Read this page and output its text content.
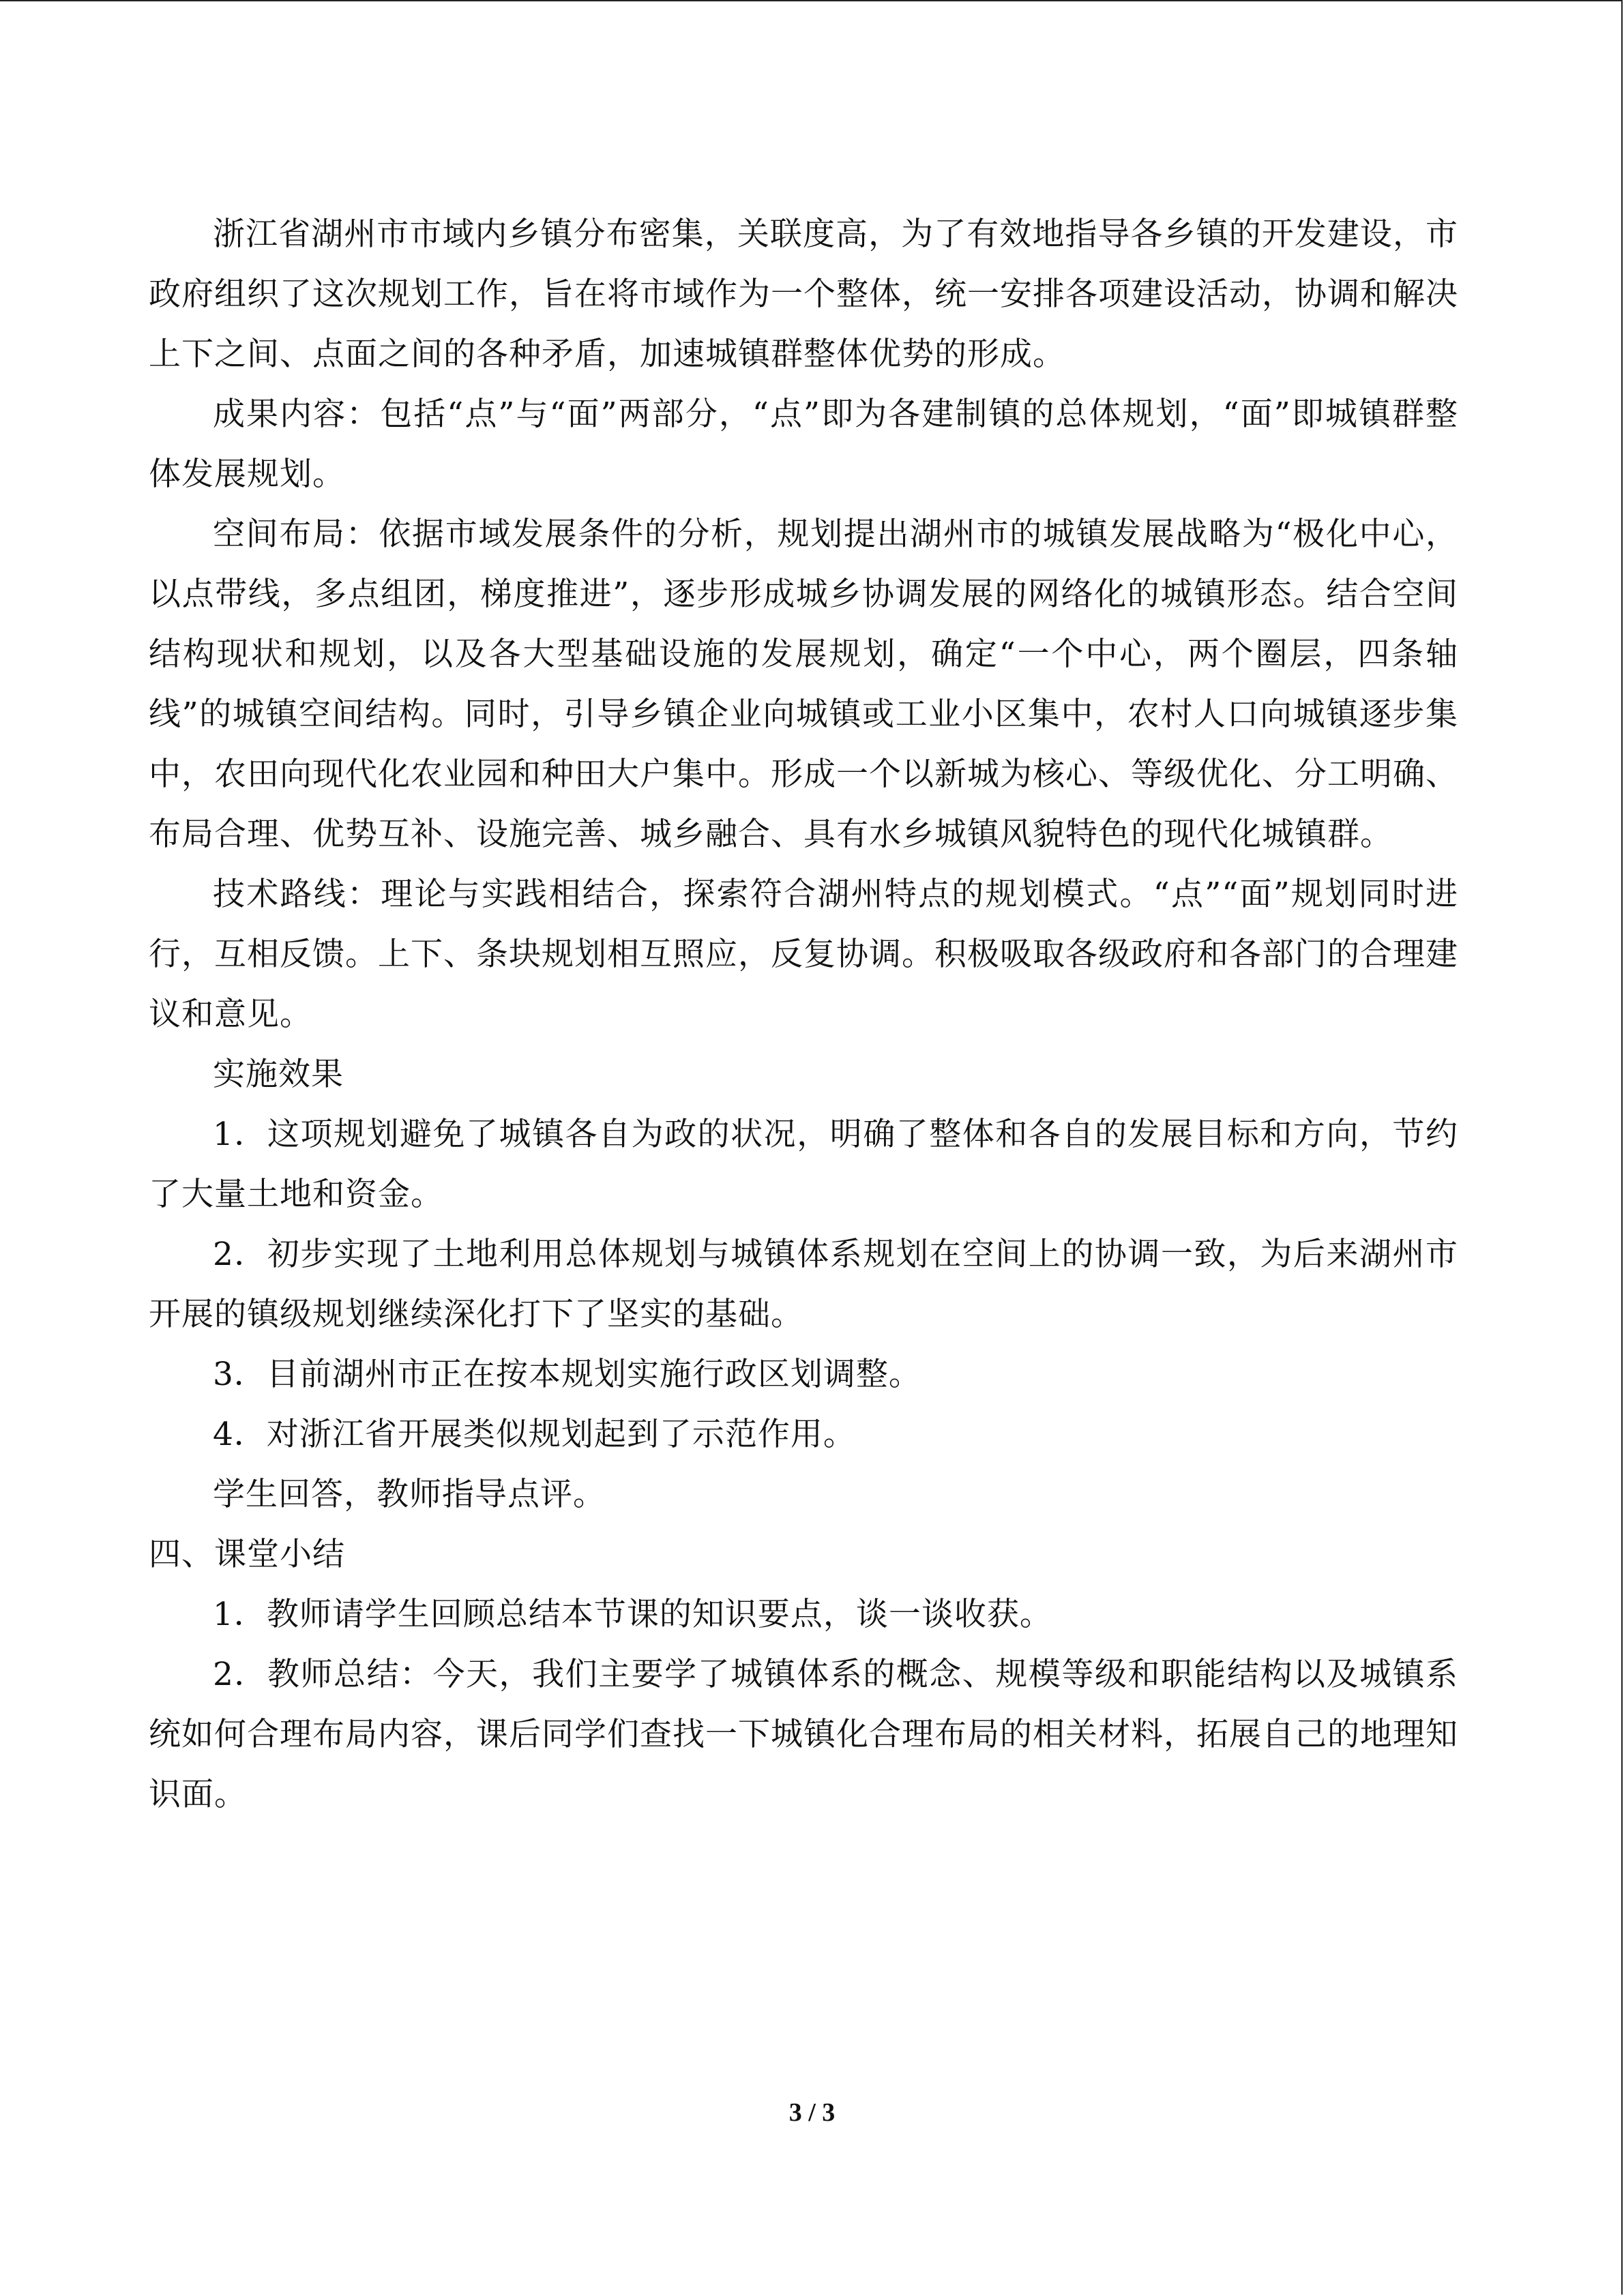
浙江省湖州市市域内乡镇分布密集，关联度高，为了有效地指导各乡镇的开发建设，市政府组织了这次规划工作，旨在将市域作为一个整体，统一安排各项建设活动，协调和解决上下之间、点面之间的各种矛盾，加速城镇群整体优势的形成。

成果内容：包括“点”与“面”两部分，“点”即为各建制镇的总体规划，“面”即城镇群整体发展规划。

空间布局：依据市域发展条件的分析，规划提出湖州市的城镇发展战略为“极化中心，以点带线，多点组团，梯度推进”，逐步形成城乡协调发展的网络化的城镇形态。结合空间结构现状和规划，以及各大型基础设施的发展规划，确定“一个中心，两个圈层，四条轴线”的城镇空间结构。同时，引导乡镇企业向城镇或工业小区集中，农村人口向城镇逐步集中，农田向现代化农业园和种田大户集中。形成一个以新城为核心、等级优化、分工明确、布局合理、优势互补、设施完善、城乡融合、具有水乡城镇风貌特色的现代化城镇群。

技术路线：理论与实践相结合，探索符合湖州特点的规划模式。“点”“面”规划同时进行，互相反馈。上下、条块规划相互照应，反复协调。积极吸取各级政府和各部门的合理建议和意见。

实施效果

1．这项规划避免了城镇各自为政的状况，明确了整体和各自的发展目标和方向，节约了大量土地和资金。

2．初步实现了土地利用总体规划与城镇体系规划在空间上的协调一致，为后来湖州市开展的镇级规划继续深化打下了坚实的基础。

3．目前湖州市正在按本规划实施行政区划调整。

4．对浙江省开展类似规划起到了示范作用。

学生回答，教师指导点评。

四、课堂小结

1．教师请学生回顾总结本节课的知识要点，谈一谈收获。

2．教师总结：今天，我们主要学了城镇体系的概念、规模等级和职能结构以及城镇系统如何合理布局内容，课后同学们查找一下城镇化合理布局的相关材料，拓展自己的地理知识面。

3 / 3
